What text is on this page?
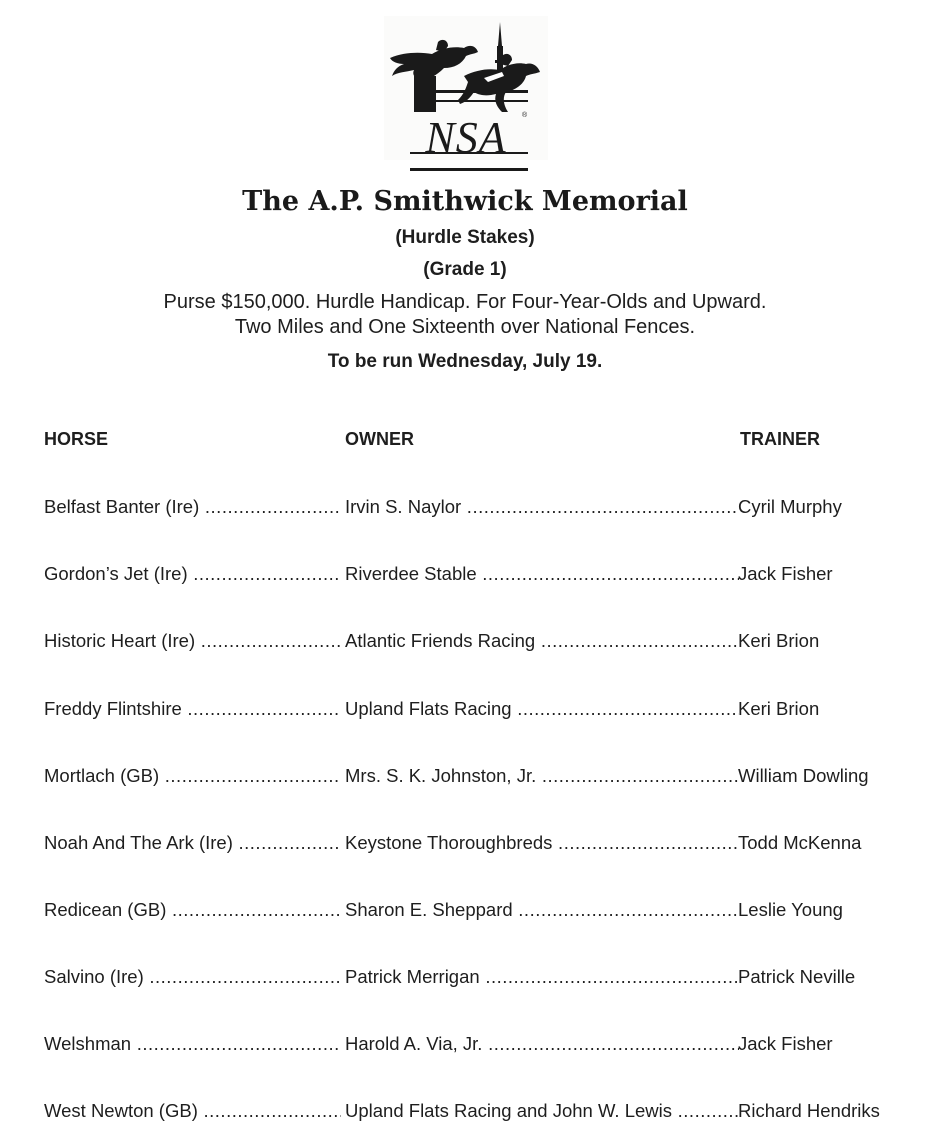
NSA	®
The A.P. Smithwick Memorial
(Hurdle Stakes)
(Grade 1)
Purse $150,000. Hurdle Handicap. For Four-Year-Olds and Upward.
Two Miles and One Sixteenth over National Fences.
To be run Wednesday, July 19.
HORSE	OWNER	TRAINER
Belfast Banter (Ire) .....	Irvin S. Naylor .....	Cyril Murphy
Gordon’s Jet (Ire) .....	Riverdee Stable .....	Jack Fisher
Historic Heart (Ire) .....	Atlantic Friends Racing .....	Keri Brion
Freddy Flintshire .....	Upland Flats Racing .....	Keri Brion
Mortlach (GB) .....	Mrs. S. K. Johnston, Jr. .....	William Dowling
Noah And The Ark (Ire) .....	Keystone Thoroughbreds .....	Todd McKenna
Redicean (GB) .....	Sharon E. Sheppard .....	Leslie Young
Salvino (Ire) .....	Patrick Merrigan .....	Patrick Neville
Welshman .....	Harold A. Via, Jr. .....	Jack Fisher
West Newton (GB) .....	Upland Flats Racing and John W. Lewis .....	Richard Hendriks
